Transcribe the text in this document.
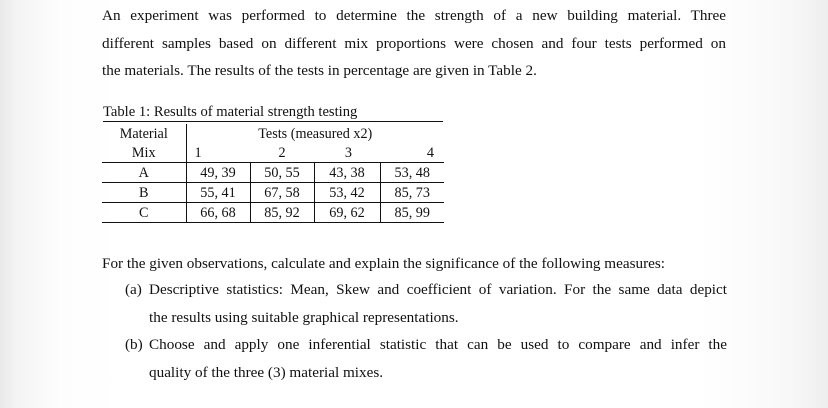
An experiment was performed to determine the strength of a new building material. Three
different samples based on different mix proportions were chosen and four tests performed on
the materials. The results of the tests in percentage are given in Table 2.
Table 1: Results of material strength testing
Material	Tests (measured x2)			
Mix	1	2	3	4
A	49, 39	50, 55	43, 38	53, 48
B	55, 41	67, 58	53, 42	85, 73
C	66, 68	85, 92	69, 62	85, 99
For the given observations, calculate and explain the significance of the following measures:
(a) Descriptive statistics: Mean, Skew and coefficient of variation. For the same data depict
the results using suitable graphical representations.
(b) Choose and apply one inferential statistic that can be used to compare and infer the
quality of the three (3) material mixes.
